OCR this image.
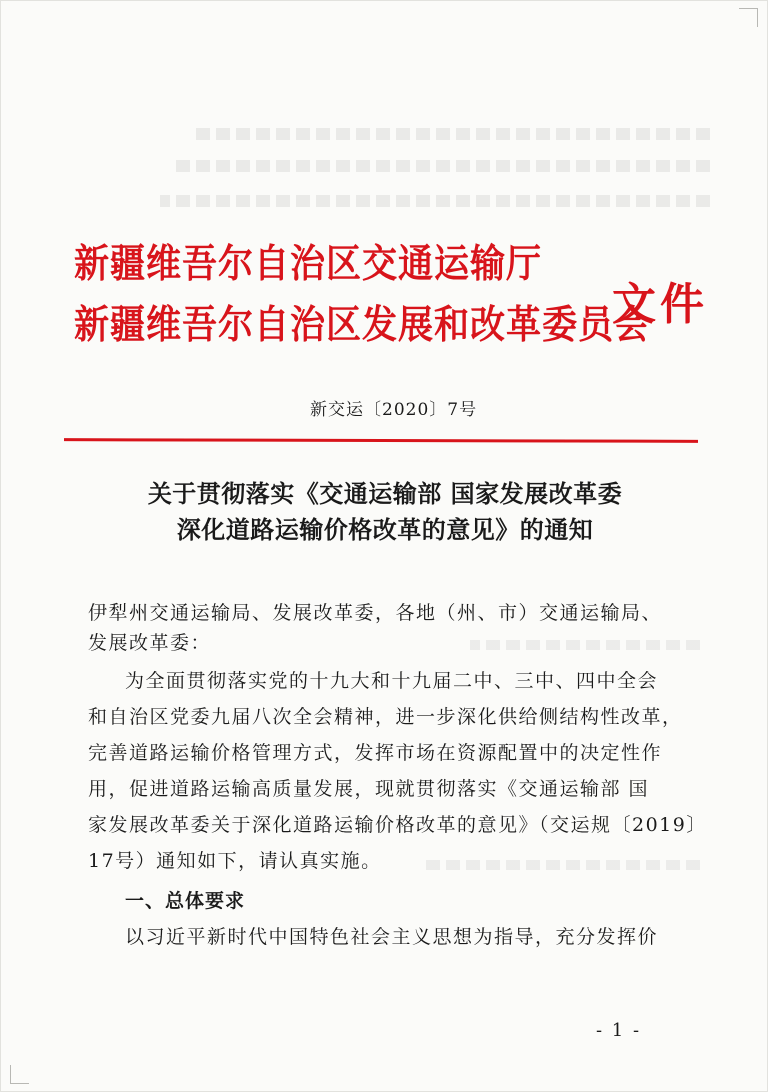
新疆维吾尔自治区交通运输厅
新疆维吾尔自治区发展和改革委员会
文件
新交运〔2020〕7号
关于贯彻落实《交通运输部 国家发展改革委
深化道路运输价格改革的意见》的通知
伊犁州交通运输局、发展改革委，各地（州、市）交通运输局、
发展改革委：
为全面贯彻落实党的十九大和十九届二中、三中、四中全会
和自治区党委九届八次全会精神，进一步深化供给侧结构性改革，
完善道路运输价格管理方式，发挥市场在资源配置中的决定性作
用，促进道路运输高质量发展，现就贯彻落实《交通运输部 国
家发展改革委关于深化道路运输价格改革的意见》（交运规〔2019〕
17号）通知如下，请认真实施。
一、总体要求
以习近平新时代中国特色社会主义思想为指导，充分发挥价
- 1 -
